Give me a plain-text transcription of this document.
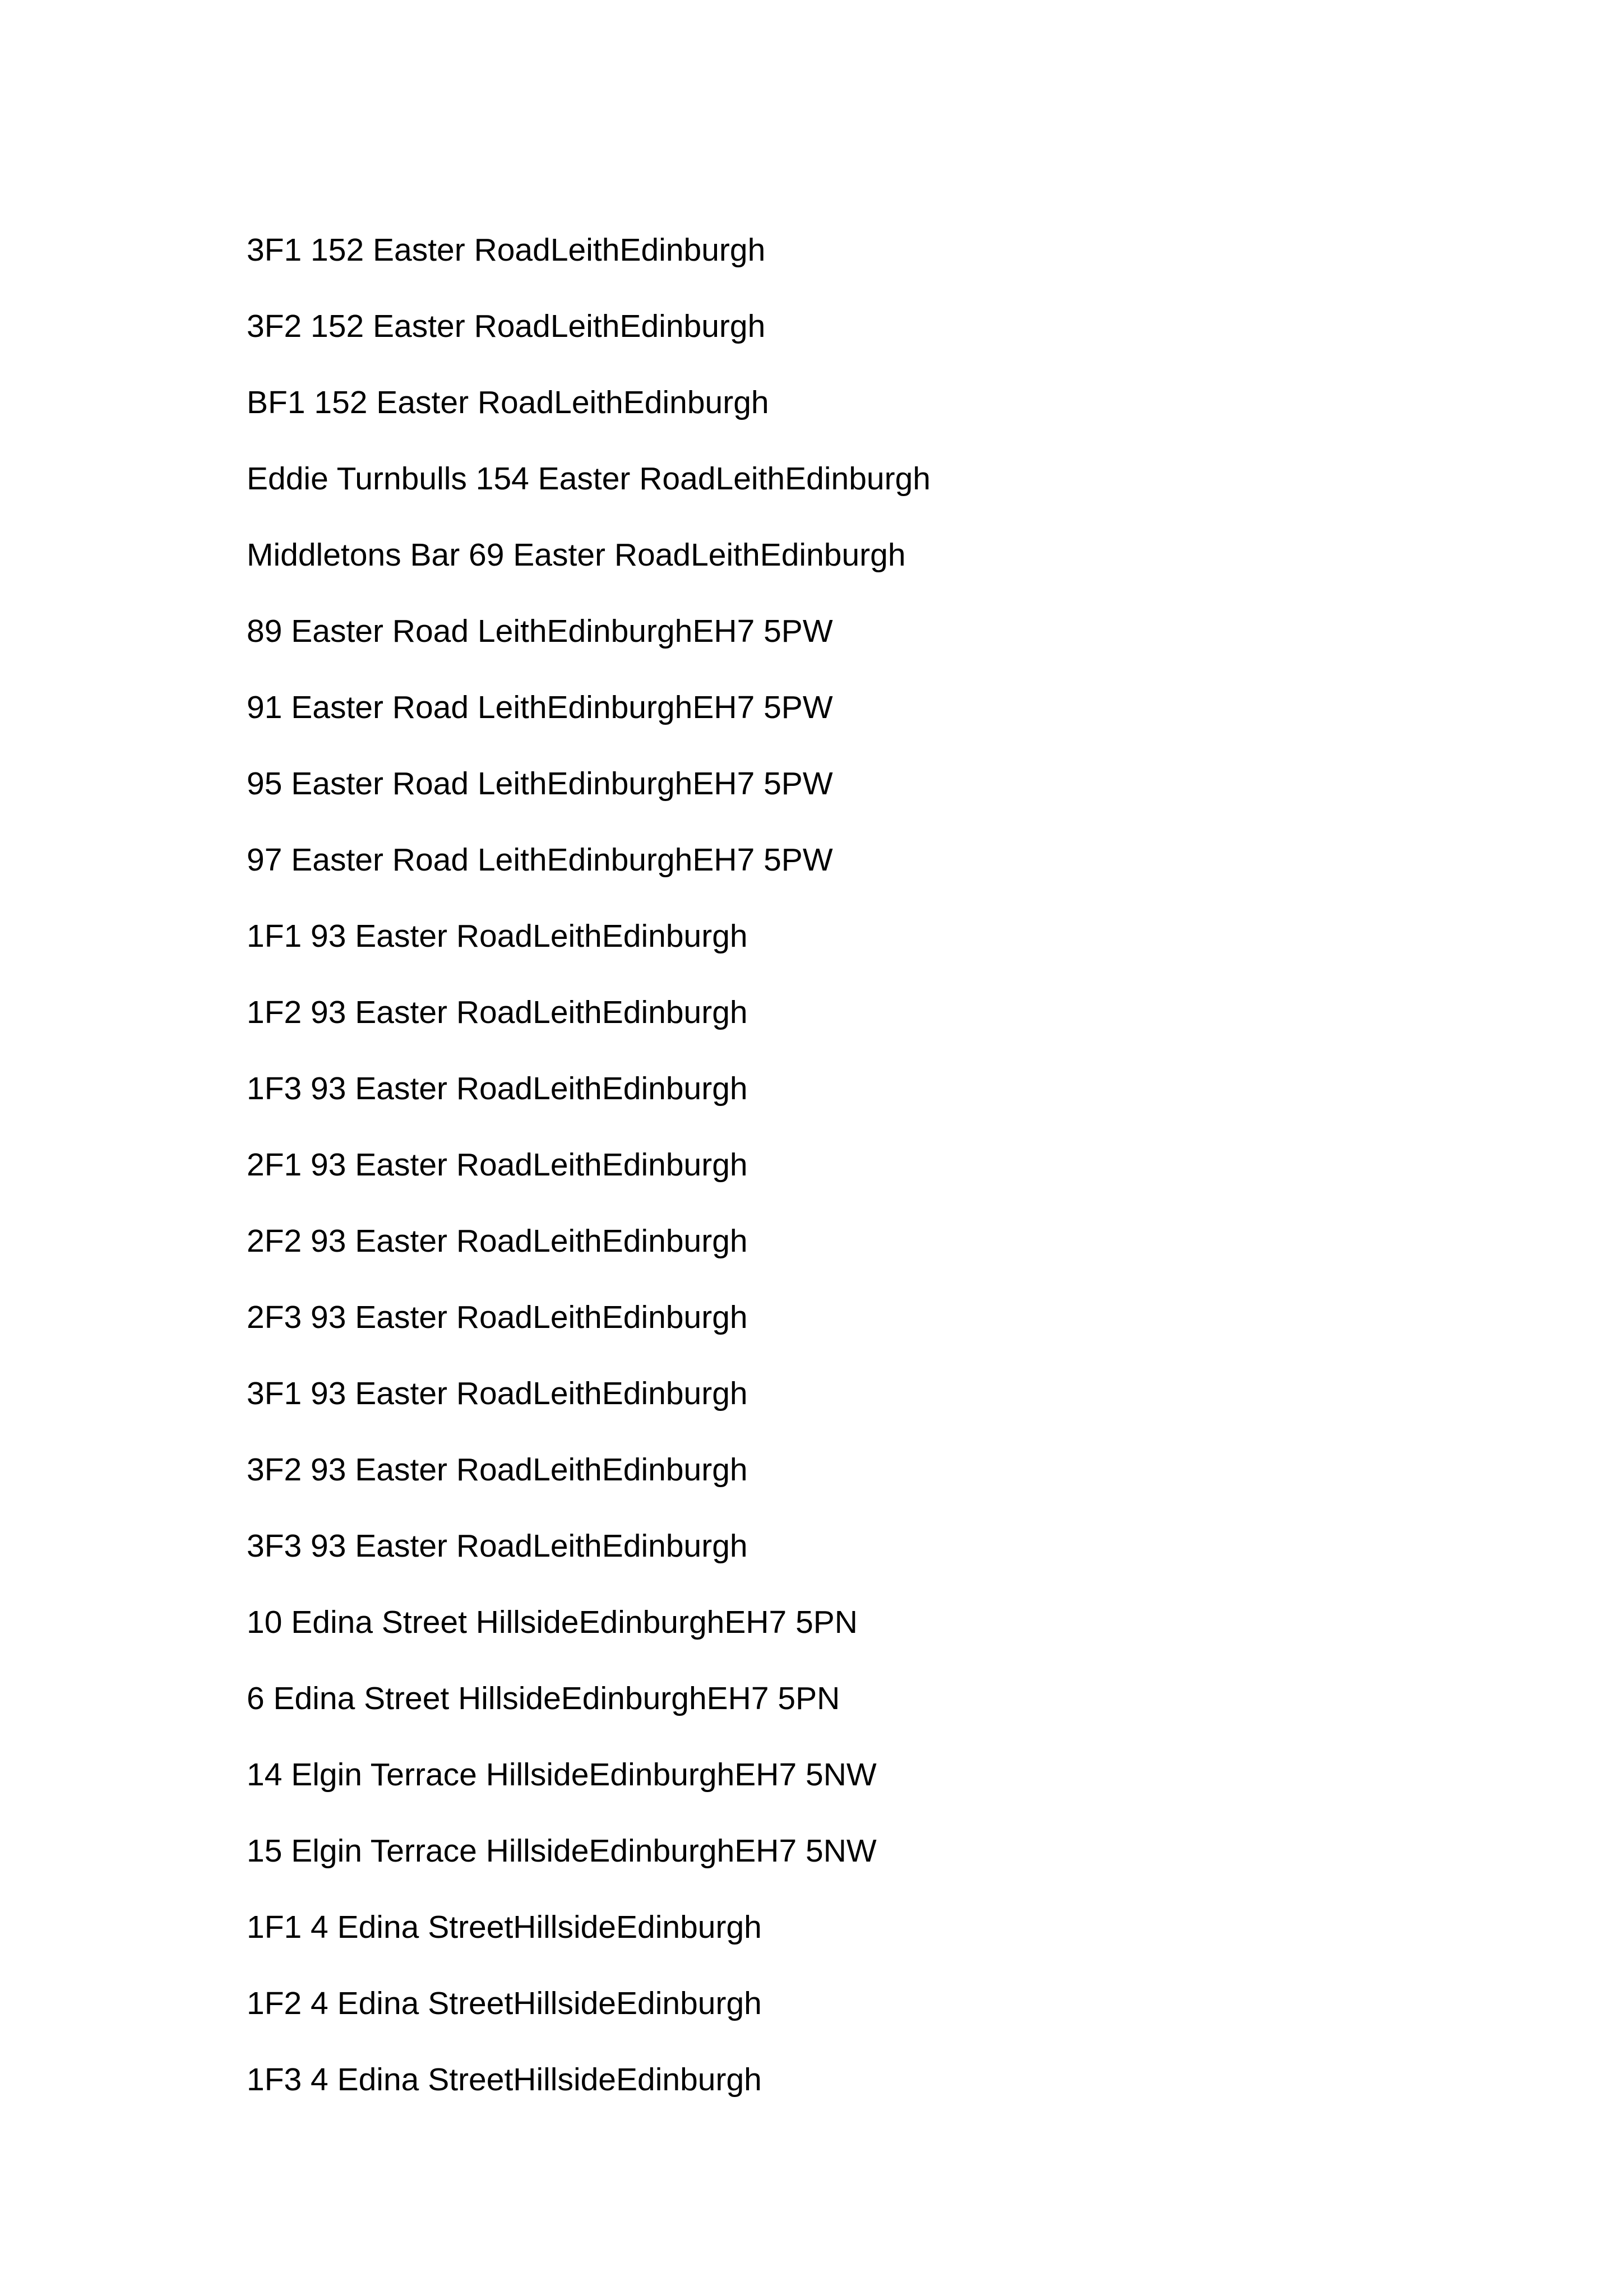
3F1 152 Easter RoadLeithEdinburgh
3F2 152 Easter RoadLeithEdinburgh
BF1 152 Easter RoadLeithEdinburgh
Eddie Turnbulls 154 Easter RoadLeithEdinburgh
Middletons Bar 69 Easter RoadLeithEdinburgh
89 Easter Road LeithEdinburghEH7 5PW
91 Easter Road LeithEdinburghEH7 5PW
95 Easter Road LeithEdinburghEH7 5PW
97 Easter Road LeithEdinburghEH7 5PW
1F1 93 Easter RoadLeithEdinburgh
1F2 93 Easter RoadLeithEdinburgh
1F3 93 Easter RoadLeithEdinburgh
2F1 93 Easter RoadLeithEdinburgh
2F2 93 Easter RoadLeithEdinburgh
2F3 93 Easter RoadLeithEdinburgh
3F1 93 Easter RoadLeithEdinburgh
3F2 93 Easter RoadLeithEdinburgh
3F3 93 Easter RoadLeithEdinburgh
10 Edina Street HillsideEdinburghEH7 5PN
6 Edina Street HillsideEdinburghEH7 5PN
14 Elgin Terrace HillsideEdinburghEH7 5NW
15 Elgin Terrace HillsideEdinburghEH7 5NW
1F1 4 Edina StreetHillsideEdinburgh
1F2 4 Edina StreetHillsideEdinburgh
1F3 4 Edina StreetHillsideEdinburgh
